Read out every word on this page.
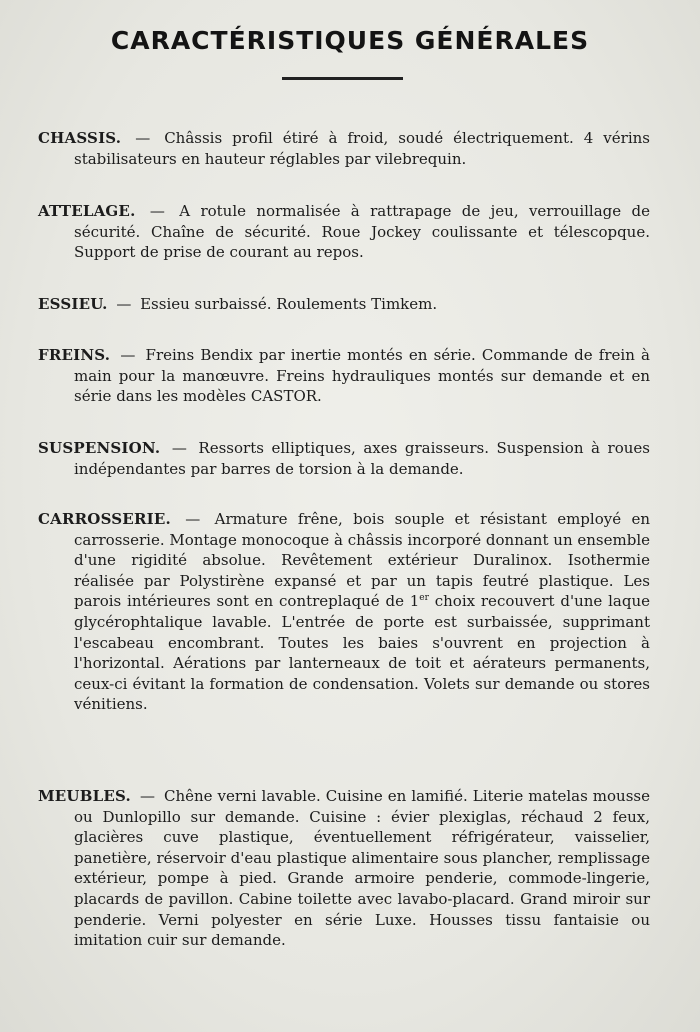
CARACTÉRISTIQUES GÉNÉRALES

CHASSIS. — Châssis profil étiré à froid, soudé électriquement. 4 vérins stabilisateurs en hauteur réglables par vilebrequin.

ATTELAGE. — A rotule normalisée à rattrapage de jeu, verrouillage de sécurité. Chaîne de sécurité. Roue Jockey coulissante et télescopque. Support de prise de courant au repos.

ESSIEU. — Essieu surbaissé. Roulements Timkem.

FREINS. — Freins Bendix par inertie montés en série. Commande de frein à main pour la manœuvre. Freins hydrauliques montés sur demande et en série dans les modèles CASTOR.

SUSPENSION. — Ressorts elliptiques, axes graisseurs. Suspension à roues indépendantes par barres de torsion à la demande.

CARROSSERIE. — Armature frêne, bois souple et résistant employé en carrosserie. Montage monocoque à châssis incorporé donnant un ensemble d'une rigidité absolue. Revêtement extérieur Duralinox. Isothermie réalisée par Polystirène expansé et par un tapis feutré plastique. Les parois intérieures sont en contreplaqué de 1er choix recouvert d'une laque glycérophtalique lavable. L'entrée de porte est surbaissée, supprimant l'escabeau encombrant. Toutes les baies s'ouvrent en projection à l'horizontal. Aérations par lanterneaux de toit et aérateurs permanents, ceux-ci évitant la formation de condensation. Volets sur demande ou stores vénitiens.

MEUBLES. — Chêne verni lavable. Cuisine en lamifié. Literie matelas mousse ou Dunlopillo sur demande. Cuisine : évier plexiglas, réchaud 2 feux, glacières cuve plastique, éventuellement réfrigérateur, vaisselier, panetière, réservoir d'eau plastique alimentaire sous plancher, remplissage extérieur, pompe à pied. Grande armoire penderie, commode-lingerie, placards de pavillon. Cabine toilette avec lavabo-placard. Grand miroir sur penderie. Verni polyester en série Luxe. Housses tissu fantaisie ou imitation cuir sur demande.
